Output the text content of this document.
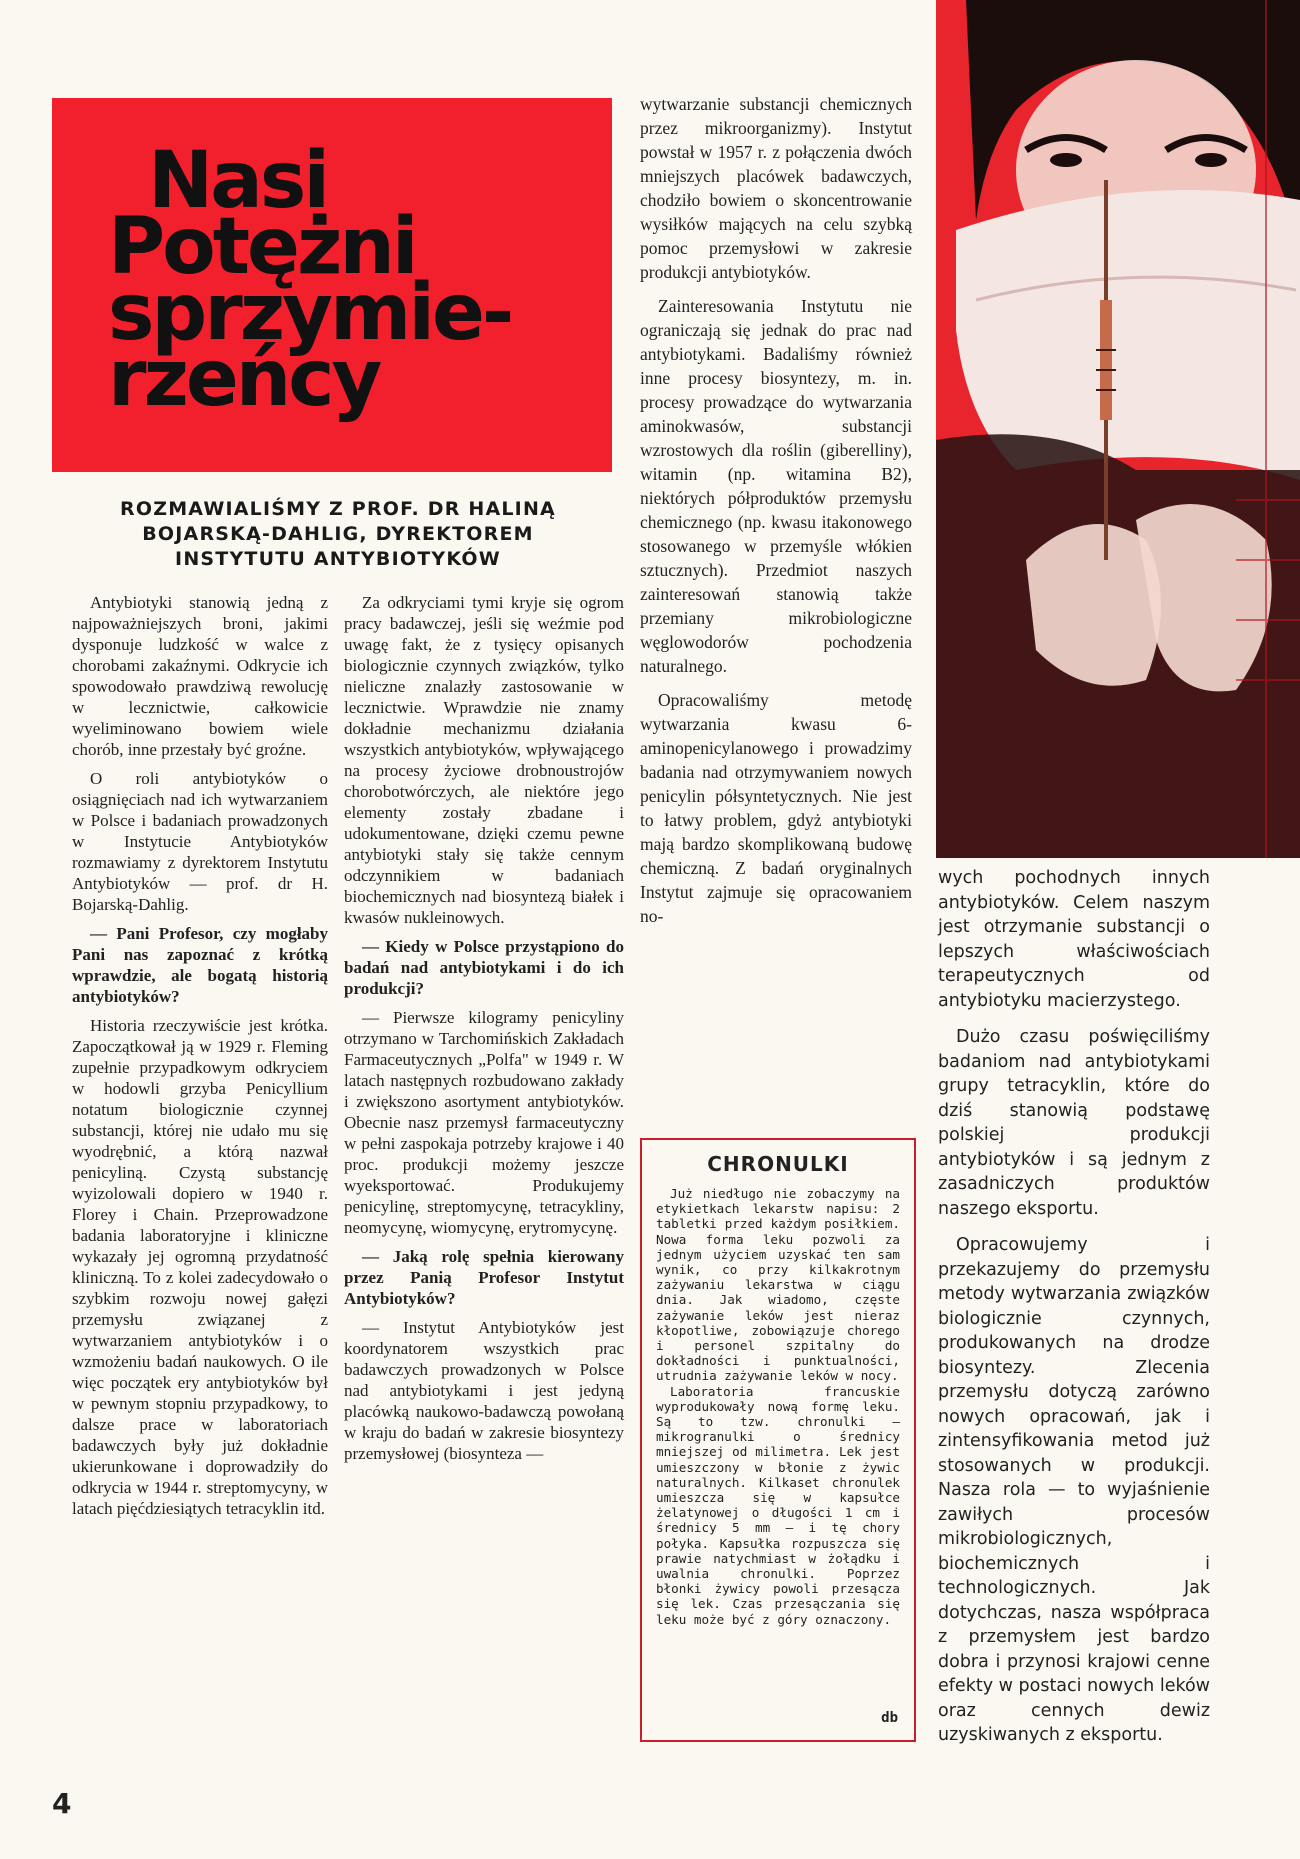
Nasi
Potężni
sprzymie-
rzeńcy
ROZMAWIALIŚMY Z PROF. DR HALINĄ
BOJARSKĄ-DAHLIG, DYREKTOREM
INSTYTUTU ANTYBIOTYKÓW

Antybiotyki stanowią jedną z najpoważniejszych broni, jakimi dysponuje ludzkość w walce z chorobami zakaźnymi. Odkrycie ich spowodowało prawdziwą rewolucję w lecznictwie, całkowicie wyeliminowano bowiem wiele chorób, inne przestały być groźne.

O roli antybiotyków o osiągnięciach nad ich wytwarzaniem w Polsce i badaniach prowadzonych w Instytucie Antybiotyków rozmawiamy z dyrektorem Instytutu Antybiotyków — prof. dr H. Bojarską-Dahlig.

— Pani Profesor, czy mogłaby Pani nas zapoznać z krótką wprawdzie, ale bogatą historią antybiotyków?

Historia rzeczywiście jest krótka. Zapoczątkował ją w 1929 r. Fleming zupełnie przypadkowym odkryciem w hodowli grzyba Penicyllium notatum biologicznie czynnej substancji, której nie udało mu się wyodrębnić, a którą nazwał penicyliną. Czystą substancję wyizolowali dopiero w 1940 r. Florey i Chain. Przeprowadzone badania laboratoryjne i kliniczne wykazały jej ogromną przydatność kliniczną. To z kolei zadecydowało o szybkim rozwoju nowej gałęzi przemysłu związanej z wytwarzaniem antybiotyków i o wzmożeniu badań naukowych. O ile więc początek ery antybiotyków był w pewnym stopniu przypadkowy, to dalsze prace w laboratoriach badawczych były już dokładnie ukierunkowane i doprowadziły do odkrycia w 1944 r. streptomycyny, w latach pięćdziesiątych tetracyklin itd.

Za odkryciami tymi kryje się ogrom pracy badawczej, jeśli się weźmie pod uwagę fakt, że z tysięcy opisanych biologicznie czynnych związków, tylko nieliczne znalazły zastosowanie w lecznictwie. Wprawdzie nie znamy dokładnie mechanizmu działania wszystkich antybiotyków, wpływającego na procesy życiowe drobnoustrojów chorobotwórczych, ale niektóre jego elementy zostały zbadane i udokumentowane, dzięki czemu pewne antybiotyki stały się także cennym odczynnikiem w badaniach biochemicznych nad biosyntezą białek i kwasów nukleinowych.

— Kiedy w Polsce przystąpiono do badań nad antybiotykami i do ich produkcji?

— Pierwsze kilogramy penicyliny otrzymano w Tarchomińskich Zakładach Farmaceutycznych „Polfa" w 1949 r. W latach następnych rozbudowano zakłady i zwiększono asortyment antybiotyków. Obecnie nasz przemysł farmaceutyczny w pełni zaspokaja potrzeby krajowe i 40 proc. produkcji możemy jeszcze wyeksportować. Produkujemy penicylinę, streptomycynę, tetracykliny, neomycynę, wiomycynę, erytromycynę.

— Jaką rolę spełnia kierowany przez Panią Profesor Instytut Antybiotyków?

— Instytut Antybiotyków jest koordynatorem wszystkich prac badawczych prowadzonych w Polsce nad antybiotykami i jest jedyną placówką naukowo-badawczą powołaną w kraju do badań w zakresie biosyntezy przemysłowej (biosynteza —

wytwarzanie substancji chemicznych przez mikroorganizmy). Instytut powstał w 1957 r. z połączenia dwóch mniejszych placówek badawczych, chodziło bowiem o skoncentrowanie wysiłków mających na celu szybką pomoc przemysłowi w zakresie produkcji antybiotyków.

Zainteresowania Instytutu nie ograniczają się jednak do prac nad antybiotykami. Badaliśmy również inne procesy biosyntezy, m. in. procesy prowadzące do wytwarzania aminokwasów, substancji wzrostowych dla roślin (giberelliny), witamin (np. witamina B2), niektórych półproduktów przemysłu chemicznego (np. kwasu itakonowego stosowanego w przemyśle włókien sztucznych). Przedmiot naszych zainteresowań stanowią także przemiany mikrobiologiczne węglowodorów pochodzenia naturalnego.

Opracowaliśmy metodę wytwarzania kwasu 6-aminopenicylanowego i prowadzimy badania nad otrzymywaniem nowych penicylin półsyntetycznych. Nie jest to łatwy problem, gdyż antybiotyki mają bardzo skomplikowaną budowę chemiczną. Z badań oryginalnych Instytut zajmuje się opracowaniem no-

CHRONULKI

Już niedługo nie zobaczymy na etykietkach lekarstw napisu: 2 tabletki przed każdym posiłkiem. Nowa forma leku pozwoli za jednym użyciem uzyskać ten sam wynik, co przy kilkakrotnym zażywaniu lekarstwa w ciągu dnia. Jak wiadomo, częste zażywanie leków jest nieraz kłopotliwe, zobowiązuje chorego i personel szpitalny do dokładności i punktualności, utrudnia zażywanie leków w nocy.

Laboratoria francuskie wyprodukowały nową formę leku. Są to tzw. chronulki — mikrogranulki o średnicy mniejszej od milimetra. Lek jest umieszczony w błonie z żywic naturalnych. Kilkaset chronulek umieszcza się w kapsułce żelatynowej o długości 1 cm i średnicy 5 mm — i tę chory połyka. Kapsułka rozpuszcza się prawie natychmiast w żołądku i uwalnia chronulki. Poprzez błonki żywicy powoli przesącza się lek. Czas przesączania się leku może być z góry oznaczony.

db

wych pochodnych innych antybiotyków. Celem naszym jest otrzymanie substancji o lepszych właściwościach terapeutycznych od antybiotyku macierzystego.

Dużo czasu poświęciliśmy badaniom nad antybiotykami grupy tetracyklin, które do dziś stanowią podstawę polskiej produkcji antybiotyków i są jednym z zasadniczych produktów naszego eksportu.

Opracowujemy i przekazujemy do przemysłu metody wytwarzania związków biologicznie czynnych, produkowanych na drodze biosyntezy. Zlecenia przemysłu dotyczą zarówno nowych opracowań, jak i zintensyfikowania metod już stosowanych w produkcji. Nasza rola — to wyjaśnienie zawiłych procesów mikrobiologicznych, biochemicznych i technologicznych. Jak dotychczas, nasza współpraca z przemysłem jest bardzo dobra i przynosi krajowi cenne efekty w postaci nowych leków oraz cennych dewiz uzyskiwanych z eksportu.

4
